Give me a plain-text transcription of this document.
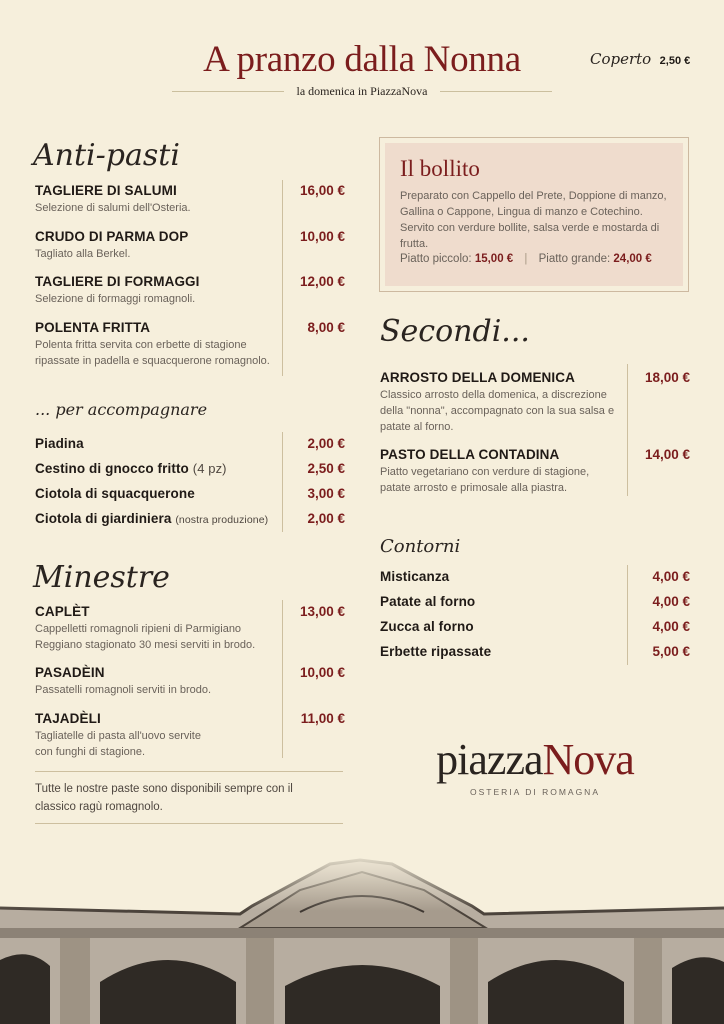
A pranzo dalla Nonna
la domenica in PiazzaNova
Coperto 2,50 €
Anti-pasti
TAGLIERE DI SALUMI
Selezione di salumi dell'Osteria.
16,00 €
CRUDO DI PARMA DOP
Tagliato alla Berkel.
10,00 €
TAGLIERE DI FORMAGGI
Selezione di formaggi romagnoli.
12,00 €
POLENTA FRITTA
Polenta fritta servita con erbette di stagione
ripassate in padella e squacquerone romagnolo.
8,00 €
... per accompagnare
Piadina	2,00 €
Cestino di gnocco fritto (4 pz)	2,50 €
Ciotola di squacquerone	3,00 €
Ciotola di giardiniera (nostra produzione)	2,00 €
Minestre
CAPLÈT
Cappelletti romagnoli ripieni di Parmigiano
Reggiano stagionato 30 mesi serviti in brodo.
13,00 €
PASADÈIN
Passatelli romagnoli serviti in brodo.
10,00 €
TAJADÈLI
Tagliatelle di pasta all'uovo servite
con funghi di stagione.
11,00 €
Tutte le nostre paste sono disponibili sempre con il classico ragù romagnolo.
Il bollito
Preparato con Cappello del Prete, Doppione di manzo, Gallina o Cappone, Lingua di manzo e Cotechino. Servito con verdure bollite, salsa verde e mostarda di frutta.
Piatto piccolo: 15,00 € | Piatto grande: 24,00 €
Secondi...
ARROSTO DELLA DOMENICA
Classico arrosto della domenica, a discrezione
della "nonna", accompagnato con la sua salsa e
patate al forno.
18,00 €
PASTO DELLA CONTADINA
Piatto vegetariano con verdure di stagione,
patate arrosto e primosale alla piastra.
14,00 €
Contorni
Misticanza	4,00 €
Patate al forno	4,00 €
Zucca al forno	4,00 €
Erbette ripassate	5,00 €
piazzaNova
OSTERIA DI ROMAGNA
